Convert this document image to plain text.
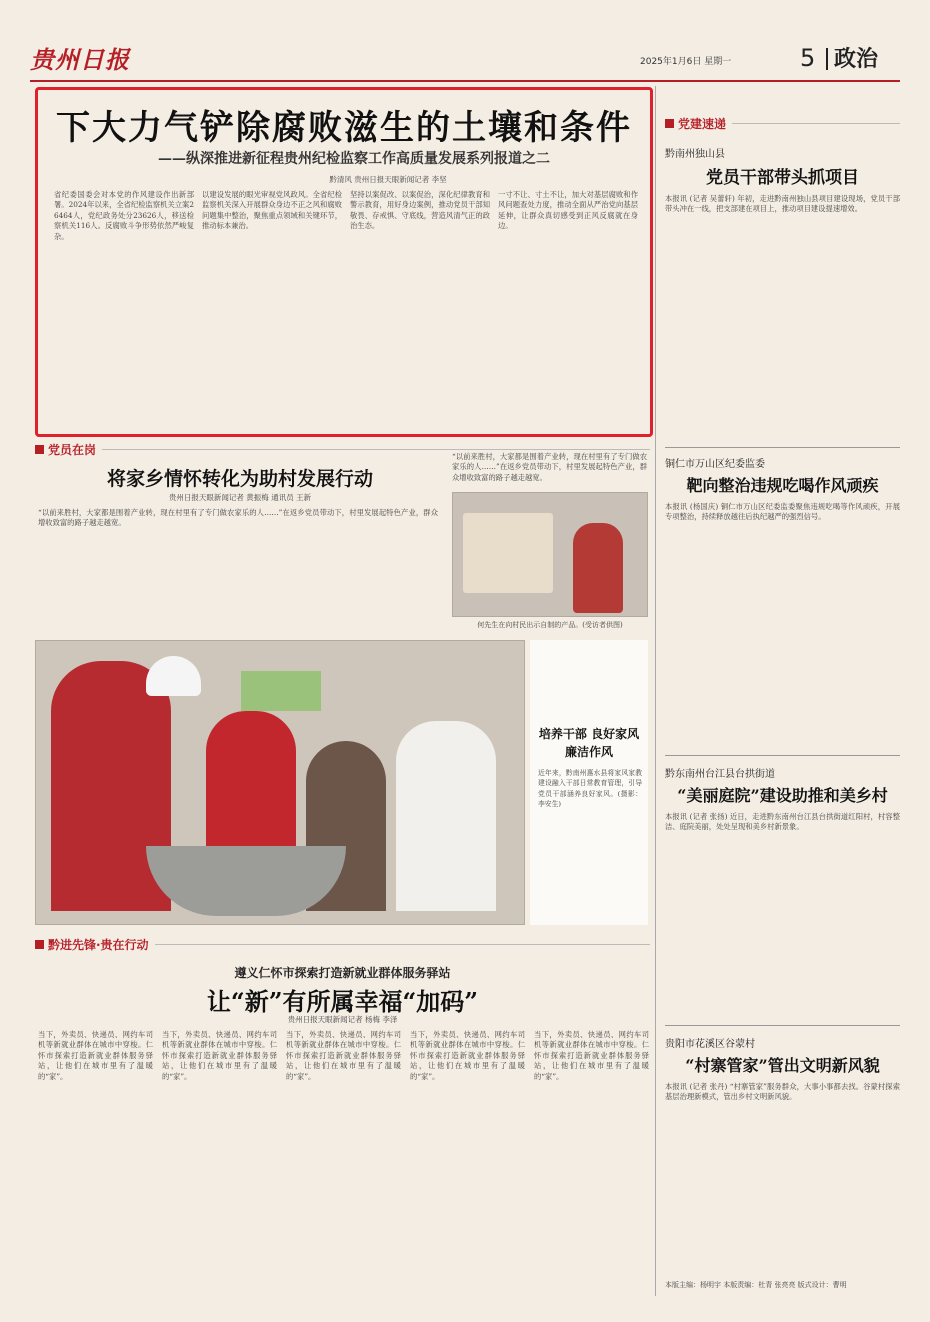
贵州日报	2025年1月6日 星期一	5 政治
下大力气铲除腐败滋生的土壤和条件
——纵深推进新征程贵州纪检监察工作高质量发展系列报道之二
黔清风 贵州日报天眼新闻记者 李坚
省纪委国委会对本党的作风建设作出新部署。2024年以来，全省纪检监察机关立案26464人，党纪政务处分23626人，移送检察机关116人。反腐败斗争形势依然严峻复杂。
以建设发展的眼光审视党风政风。全省纪检监察机关深入开展群众身边不正之风和腐败问题集中整治，聚焦重点领域和关键环节，推动标本兼治。
坚持以案促改、以案促治，深化纪律教育和警示教育，用好身边案例，推动党员干部知敬畏、存戒惧、守底线，营造风清气正的政治生态。
一寸不让、寸土不让，加大对基层腐败和作风问题查处力度，推动全面从严治党向基层延伸，让群众真切感受到正风反腐就在身边。
党建速递
黔南州独山县
党员干部带头抓项目
本报讯 (记者 吴蕾轩) 年初，走进黔南州独山县项目建设现场，党员干部带头冲在一线，把支部建在项目上，推动项目建设提速增效。
铜仁市万山区纪委监委
靶向整治违规吃喝作风顽疾
本报讯 (杨国庆) 铜仁市万山区纪委监委聚焦违规吃喝等作风顽疾，开展专项整治，持续释放越往后执纪越严的强烈信号。
黔东南州台江县台拱街道
“美丽庭院”建设助推和美乡村
本报讯 (记者 张扬) 近日，走进黔东南州台江县台拱街道红阳村，村容整洁、庭院美丽，处处呈现和美乡村新景象。
贵阳市花溪区谷蒙村
“村寨管家”管出文明新风貌
本报讯 (记者 张丹) “村寨管家”服务群众，大事小事都去找。谷蒙村探索基层治理新模式，管出乡村文明新风貌。
本版主编：杨明宇 本版责编：杜青 张亮亮 版式设计：曹明
党员在岗
将家乡情怀转化为助村发展行动
贵州日报天眼新闻记者 黄振梅 通讯员 王新
“以前来胜村，大家都是围着产业转，现在村里有了专门做农家乐的人……”在返乡党员带动下，村里发展起特色产业，群众增收致富的路子越走越宽。
“以前来胜村，大家都是围着产业转，现在村里有了专门做农家乐的人……”在返乡党员带动下，村里发展起特色产业，群众增收致富的路子越走越宽。
何先生在向村民出示自制的产品。(受访者供图)
培养干部 良好家风廉洁作风
近年来，黔南州惠水县将家风家教建设融入干部日常教育管理，引导党员干部涵养良好家风。(摄影：李安生)
黔进先锋·贵在行动
遵义仁怀市探索打造新就业群体服务驿站
让“新”有所属幸福“加码”
贵州日报天眼新闻记者 杨梅 李泽
当下，外卖员、快递员、网约车司机等新就业群体在城市中穿梭。仁怀市探索打造新就业群体服务驿站，让他们在城市里有了温暖的“家”。
当下，外卖员、快递员、网约车司机等新就业群体在城市中穿梭。仁怀市探索打造新就业群体服务驿站，让他们在城市里有了温暖的“家”。
当下，外卖员、快递员、网约车司机等新就业群体在城市中穿梭。仁怀市探索打造新就业群体服务驿站，让他们在城市里有了温暖的“家”。
当下，外卖员、快递员、网约车司机等新就业群体在城市中穿梭。仁怀市探索打造新就业群体服务驿站，让他们在城市里有了温暖的“家”。
当下，外卖员、快递员、网约车司机等新就业群体在城市中穿梭。仁怀市探索打造新就业群体服务驿站，让他们在城市里有了温暖的“家”。
